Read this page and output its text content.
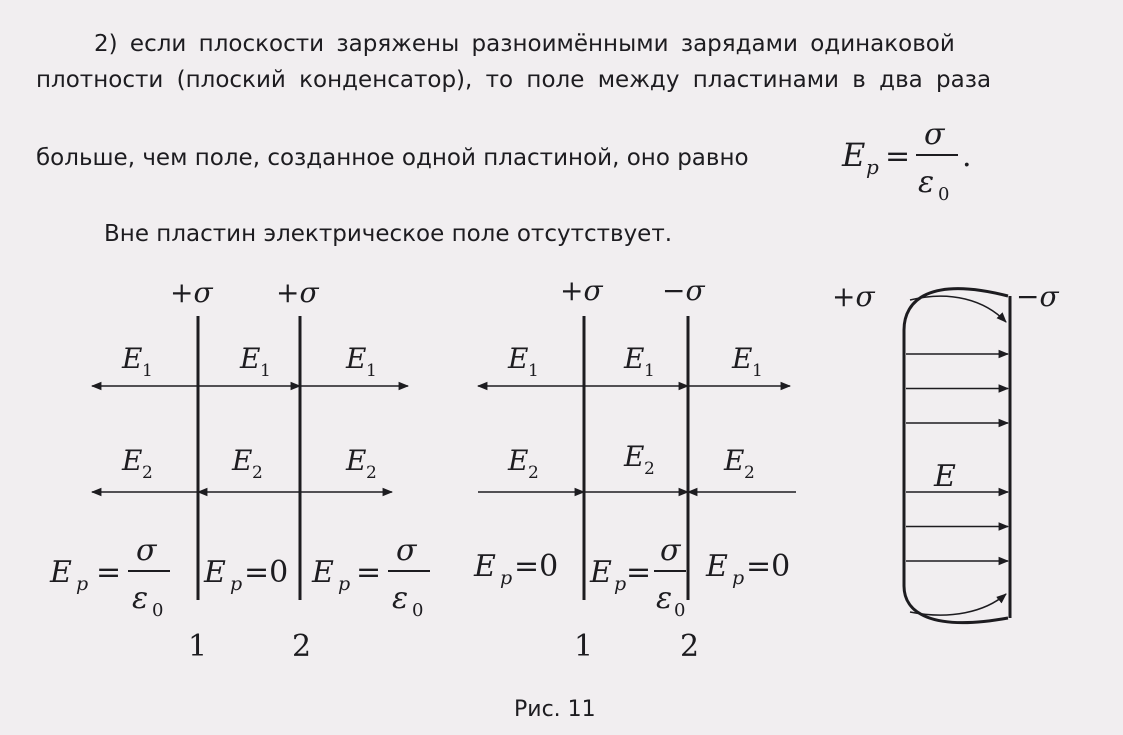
2) если плоскости заряжены разноимёнными зарядами одинаковой
плотности (плоский конденсатор), то поле между пластинами в два раза
больше, чем поле, созданное одной пластиной, оно равно
Вне пластин электрическое поле отсутствует.
E p =
σ
ε 0
.
+σ +σ
E 1	E 1	E 1
E 2	E 2	E 2
E p =
σ
ε 0
E p =0 E p =
σ
ε 0
1	2
+σ −σ
E 1	E 1	E 1
E 2	E 2 E 2
E p =0 E p =
σ
ε 0
E p =0
1	2
+σ	−σ
E
Рис. 11
